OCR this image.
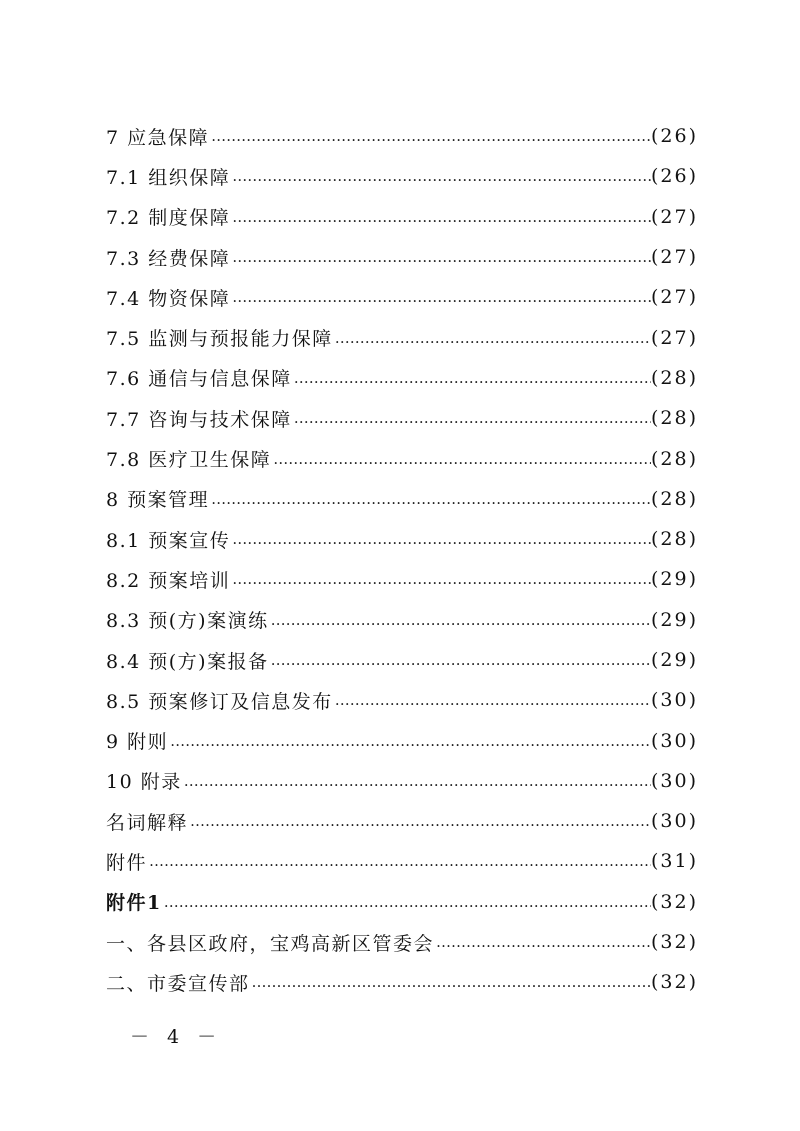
7 应急保障 ……………………………………………………………………………………………………………………………………………………………………………………	(26)
7.1 组织保障 ……………………………………………………………………………………………………………………………………………………………………………………	(26)
7.2 制度保障 ……………………………………………………………………………………………………………………………………………………………………………………	(27)
7.3 经费保障 ……………………………………………………………………………………………………………………………………………………………………………………	(27)
7.4 物资保障 ……………………………………………………………………………………………………………………………………………………………………………………	(27)
7.5 监测与预报能力保障 ……………………………………………………………………………………………………………………………………………………………………………………	(27)
7.6 通信与信息保障 ……………………………………………………………………………………………………………………………………………………………………………………	(28)
7.7 咨询与技术保障 ……………………………………………………………………………………………………………………………………………………………………………………	(28)
7.8 医疗卫生保障 ……………………………………………………………………………………………………………………………………………………………………………………	(28)
8 预案管理 ……………………………………………………………………………………………………………………………………………………………………………………	(28)
8.1 预案宣传 ……………………………………………………………………………………………………………………………………………………………………………………	(28)
8.2 预案培训 ……………………………………………………………………………………………………………………………………………………………………………………	(29)
8.3 预(方)案演练 ……………………………………………………………………………………………………………………………………………………………………………………	(29)
8.4 预(方)案报备 ……………………………………………………………………………………………………………………………………………………………………………………	(29)
8.5 预案修订及信息发布 ……………………………………………………………………………………………………………………………………………………………………………………	(30)
9 附则 ……………………………………………………………………………………………………………………………………………………………………………………	(30)
10 附录 ……………………………………………………………………………………………………………………………………………………………………………………	(30)
名词解释 ……………………………………………………………………………………………………………………………………………………………………………………	(30)
附件 ……………………………………………………………………………………………………………………………………………………………………………………	(31)
附件1 ……………………………………………………………………………………………………………………………………………………………………………………	(32)
一、各县区政府，宝鸡高新区管委会 ……………………………………………………………………………………………………………………………………………………………………………………	(32)
二、市委宣传部 ……………………………………………………………………………………………………………………………………………………………………………………	(32)
－ 4 －
